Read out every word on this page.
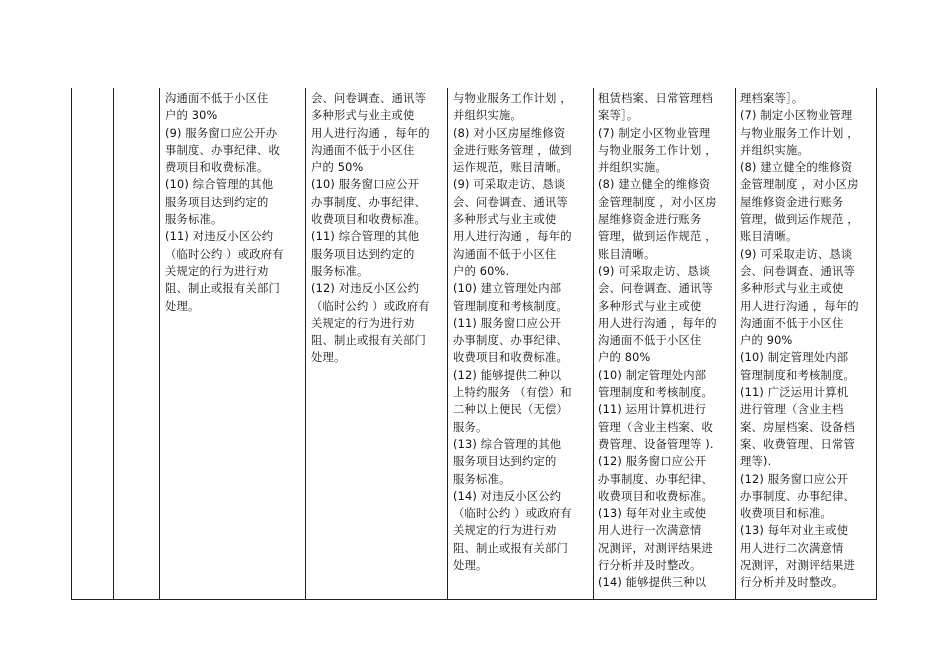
沟通面不低于小区住
户的 30%
(9) 服务窗口应公开办
事制度、办事纪律、收
费项目和收费标准。
(10) 综合管理的其他
服务项目达到约定的
服务标准。
(11) 对违反小区公约
（临时公约 ）或政府有
关规定的行为进行劝
阻、制止或报有关部门
处理。
会、问卷调查、通讯等
多种形式与业主或使
用人进行沟通 ，每年的
沟通面不低于小区住
户的 50%
(10) 服务窗口应公开
办事制度、办事纪律、
收费项目和收费标准。
(11) 综合管理的其他
服务项目达到约定的
服务标准。
(12) 对违反小区公约
（临时公约 ）或政府有
关规定的行为进行劝
阻、制止或报有关部门
处理。
与物业服务工作计划 ，
并组织实施。
(8) 对小区房屋维修资
金进行账务管理 ，做到
运作规范，账目清晰。
(9) 可采取走访、恳谈
会、问卷调查、通讯等
多种形式与业主或使
用人进行沟通 ，每年的
沟通面不低于小区住
户的 60%.
(10) 建立管理处内部
管理制度和考核制度。
(11) 服务窗口应公开
办事制度、办事纪律、
收费项目和收费标准。
(12) 能够提供二种以
上特约服务 （有偿）和
二种以上便民（无偿）
服务。
(13) 综合管理的其他
服务项目达到约定的
服务标准。
(14) 对违反小区公约
（临时公约 ）或政府有
关规定的行为进行劝
阻、制止或报有关部门
处理。
租赁档案、日常管理档
案等］。
(7) 制定小区物业管理
与物业服务工作计划 ，
并组织实施。
(8) 建立健全的维修资
金管理制度 ，对小区房
屋维修资金进行账务
管理，做到运作规范 ，
账目清晰。
(9) 可采取走访、恳谈
会、问卷调查、通讯等
多种形式与业主或使
用人进行沟通 ，每年的
沟通面不低于小区住
户的 80%
(10) 制定管理处内部
管理制度和考核制度。
(11) 运用计算机进行
管理（含业主档案、收
费管理、设备管理等 ).
(12) 服务窗口应公开
办事制度、办事纪律、
收费项目和收费标准。
(13) 每年对业主或使
用人进行一次满意情
况测评，对测评结果进
行分析并及时整改。
(14) 能够提供三种以
理档案等］。
(7) 制定小区物业管理
与物业服务工作计划 ，
并组织实施。
(8) 建立健全的维修资
金管理制度 ，对小区房
屋维修资金进行账务
管理，做到运作规范 ，
账目清晰。
(9) 可采取走访、恳谈
会、问卷调查、通讯等
多种形式与业主或使
用人进行沟通 ，每年的
沟通面不低于小区住
户的 90%
(10) 制定管理处内部
管理制度和考核制度。
(11) 广泛运用计算机
进行管理（含业主档
案、房屋档案、设备档
案、收费管理、日常管
理等).
(12) 服务窗口应公开
办事制度、办事纪律、
收费项目和标准。
(13) 每年对业主或使
用人进行二次满意情
况测评，对测评结果进
行分析并及时整改。
